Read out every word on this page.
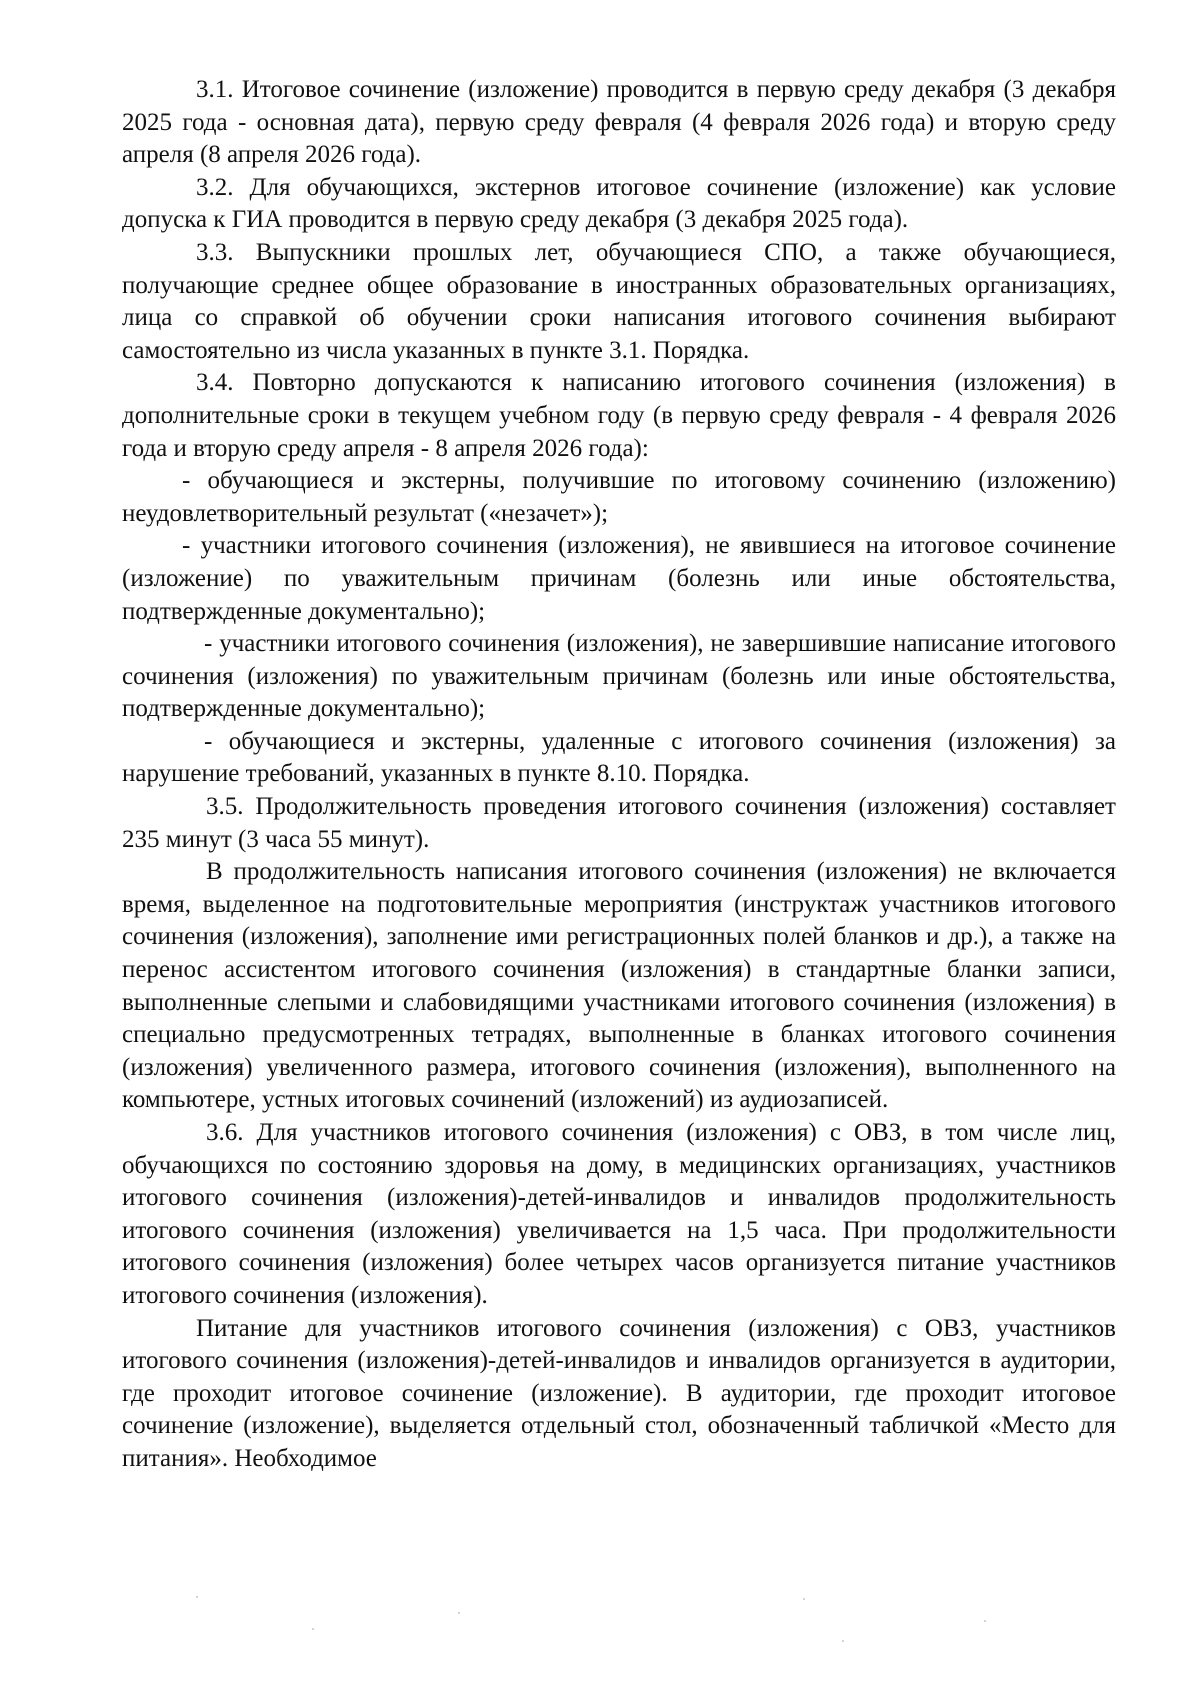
3.1. Итоговое сочинение (изложение) проводится в первую среду декабря (3 декабря 2025 года - основная дата), первую среду февраля (4 февраля 2026 года) и вторую среду апреля (8 апреля 2026 года).

3.2. Для обучающихся, экстернов итоговое сочинение (изложение) как условие допуска к ГИА проводится в первую среду декабря (3 декабря 2025 года).

3.3. Выпускники прошлых лет, обучающиеся СПО, а также обучающиеся, получающие среднее общее образование в иностранных образовательных организациях, лица со справкой об обучении сроки написания итогового сочинения выбирают самостоятельно из числа указанных в пункте 3.1. Порядка.

3.4. Повторно допускаются к написанию итогового сочинения (изложения) в дополнительные сроки в текущем учебном году (в первую среду февраля - 4 февраля 2026 года и вторую среду апреля - 8 апреля 2026 года):

- обучающиеся и экстерны, получившие по итоговому сочинению (изложению) неудовлетворительный результат («незачет»);

- участники итогового сочинения (изложения), не явившиеся на итоговое сочинение (изложение) по уважительным причинам (болезнь или иные обстоятельства, подтвержденные документально);

- участники итогового сочинения (изложения), не завершившие написание итогового сочинения (изложения) по уважительным причинам (болезнь или иные обстоятельства, подтвержденные документально);

- обучающиеся и экстерны, удаленные с итогового сочинения (изложения) за нарушение требований, указанных в пункте 8.10. Порядка.

3.5. Продолжительность проведения итогового сочинения (изложения) составляет 235 минут (3 часа 55 минут).

В продолжительность написания итогового сочинения (изложения) не включается время, выделенное на подготовительные мероприятия (инструктаж участников итогового сочинения (изложения), заполнение ими регистрационных полей бланков и др.), а также на перенос ассистентом итогового сочинения (изложения) в стандартные бланки записи, выполненные слепыми и слабовидящими участниками итогового сочинения (изложения) в специально предусмотренных тетрадях, выполненные в бланках итогового сочинения (изложения) увеличенного размера, итогового сочинения (изложения), выполненного на компьютере, устных итоговых сочинений (изложений) из аудиозаписей.

3.6. Для участников итогового сочинения (изложения) с ОВЗ, в том числе лиц, обучающихся по состоянию здоровья на дому, в медицинских организациях, участников итогового сочинения (изложения)-детей-инвалидов и инвалидов продолжительность итогового сочинения (изложения) увеличивается на 1,5 часа. При продолжительности итогового сочинения (изложения) более четырех часов организуется питание участников итогового сочинения (изложения).

Питание для участников итогового сочинения (изложения) с ОВЗ, участников итогового сочинения (изложения)-детей-инвалидов и инвалидов организуется в аудитории, где проходит итоговое сочинение (изложение). В аудитории, где проходит итоговое сочинение (изложение), выделяется отдельный стол, обозначенный табличкой «Место для питания». Необходимое
